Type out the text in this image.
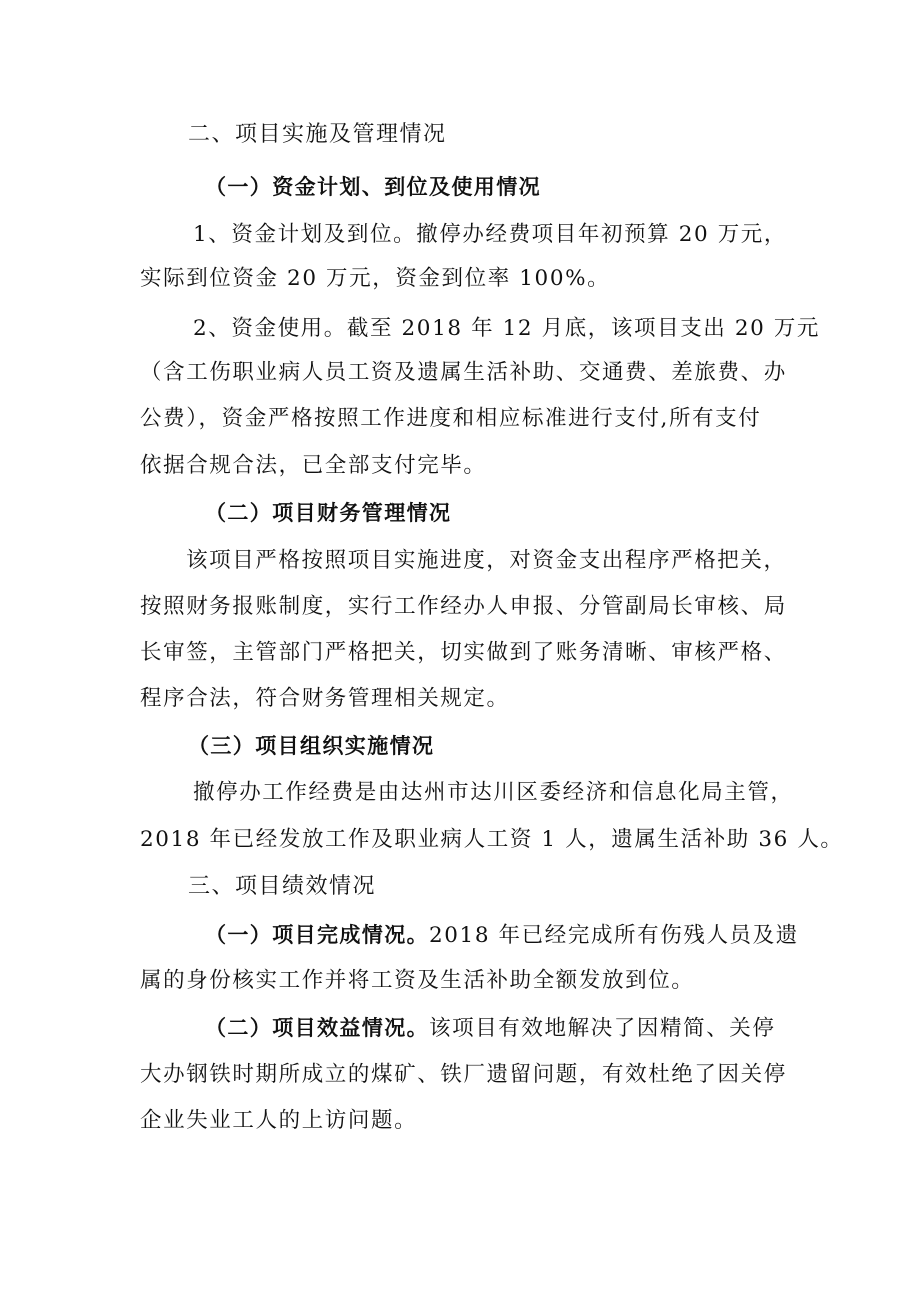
二、项目实施及管理情况
（一）资金计划、到位及使用情况
1、资金计划及到位。撤停办经费项目年初预算 20 万元，
实际到位资金 20 万元，资金到位率 100%。
2、资金使用。截至 2018 年 12 月底，该项目支出 20 万元
（含工伤职业病人员工资及遗属生活补助、交通费、差旅费、办
公费），资金严格按照工作进度和相应标准进行支付,所有支付
依据合规合法，已全部支付完毕。
（二）项目财务管理情况
该项目严格按照项目实施进度，对资金支出程序严格把关，
按照财务报账制度，实行工作经办人申报、分管副局长审核、局
长审签，主管部门严格把关，切实做到了账务清晰、审核严格、
程序合法，符合财务管理相关规定。
（三）项目组织实施情况
撤停办工作经费是由达州市达川区委经济和信息化局主管，
2018 年已经发放工作及职业病人工资 1 人，遗属生活补助 36 人。
三、项目绩效情况
（一）项目完成情况。2018 年已经完成所有伤残人员及遗
属的身份核实工作并将工资及生活补助全额发放到位。
（二）项目效益情况。该项目有效地解决了因精简、关停
大办钢铁时期所成立的煤矿、铁厂遗留问题，有效杜绝了因关停
企业失业工人的上访问题。
